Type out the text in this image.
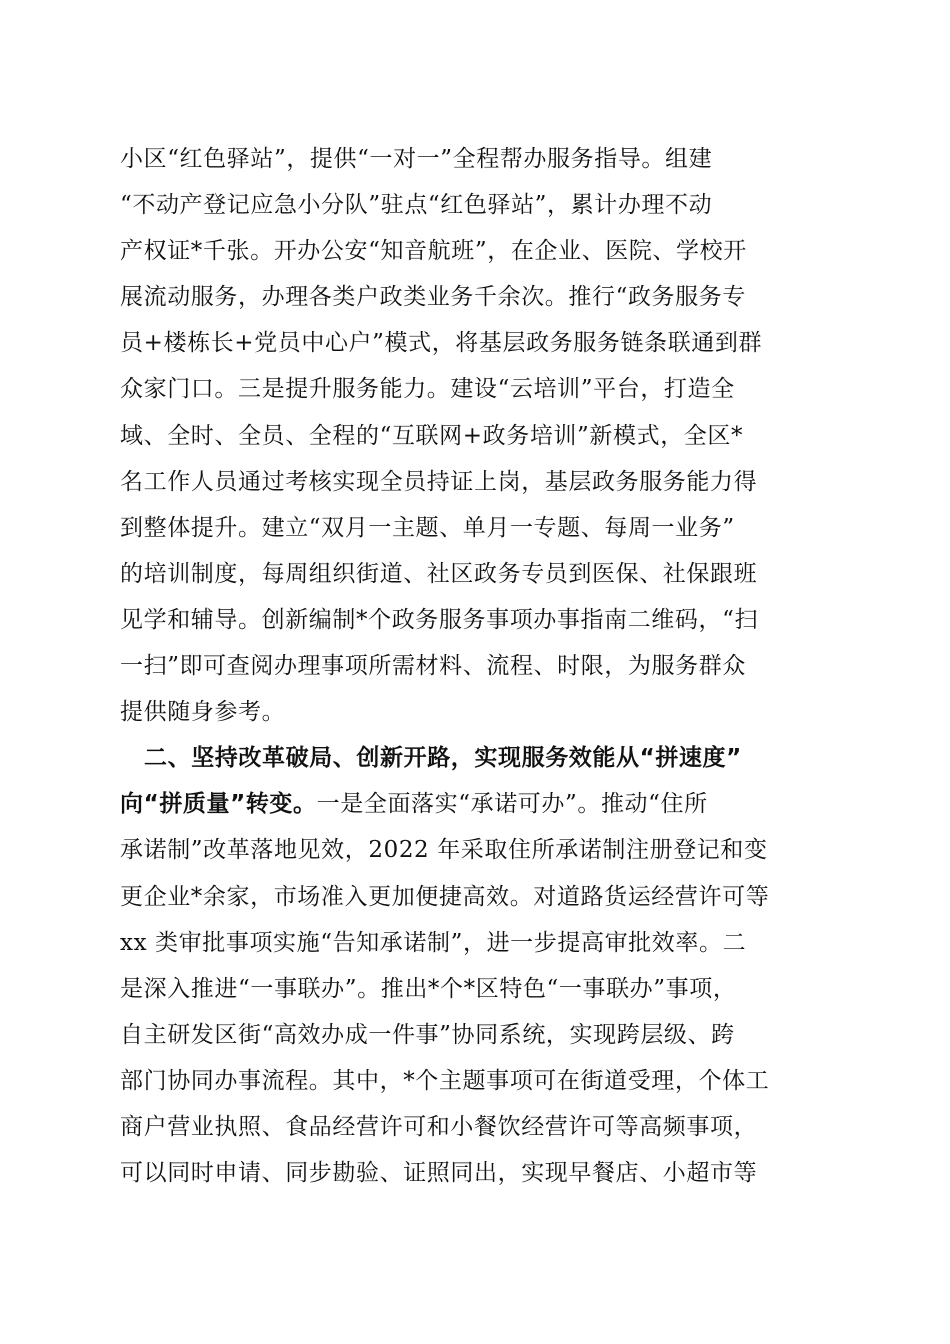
小区“红色驿站”，提供“一对一”全程帮办服务指导。组建
“不动产登记应急小分队”驻点“红色驿站”，累计办理不动
产权证*千张。开办公安“知音航班”，在企业、医院、学校开
展流动服务，办理各类户政类业务千余次。推行“政务服务专
员+楼栋长+党员中心户”模式，将基层政务服务链条联通到群
众家门口。三是提升服务能力。建设“云培训”平台，打造全
域、全时、全员、全程的“互联网+政务培训”新模式，全区*
名工作人员通过考核实现全员持证上岗，基层政务服务能力得
到整体提升。建立“双月一主题、单月一专题、每周一业务”
的培训制度，每周组织街道、社区政务专员到医保、社保跟班
见学和辅导。创新编制*个政务服务事项办事指南二维码，“扫
一扫”即可查阅办理事项所需材料、流程、时限，为服务群众
提供随身参考。
二、坚持改革破局、创新开路，实现服务效能从“拼速度”
向“拼质量”转变。一是全面落实“承诺可办”。推动“住所
承诺制”改革落地见效，2022 年采取住所承诺制注册登记和变
更企业*余家，市场准入更加便捷高效。对道路货运经营许可等
xx 类审批事项实施“告知承诺制”，进一步提高审批效率。二
是深入推进“一事联办”。推出*个*区特色“一事联办”事项，
自主研发区街“高效办成一件事”协同系统，实现跨层级、跨
部门协同办事流程。其中，*个主题事项可在街道受理，个体工
商户营业执照、食品经营许可和小餐饮经营许可等高频事项，
可以同时申请、同步勘验、证照同出，实现早餐店、小超市等
